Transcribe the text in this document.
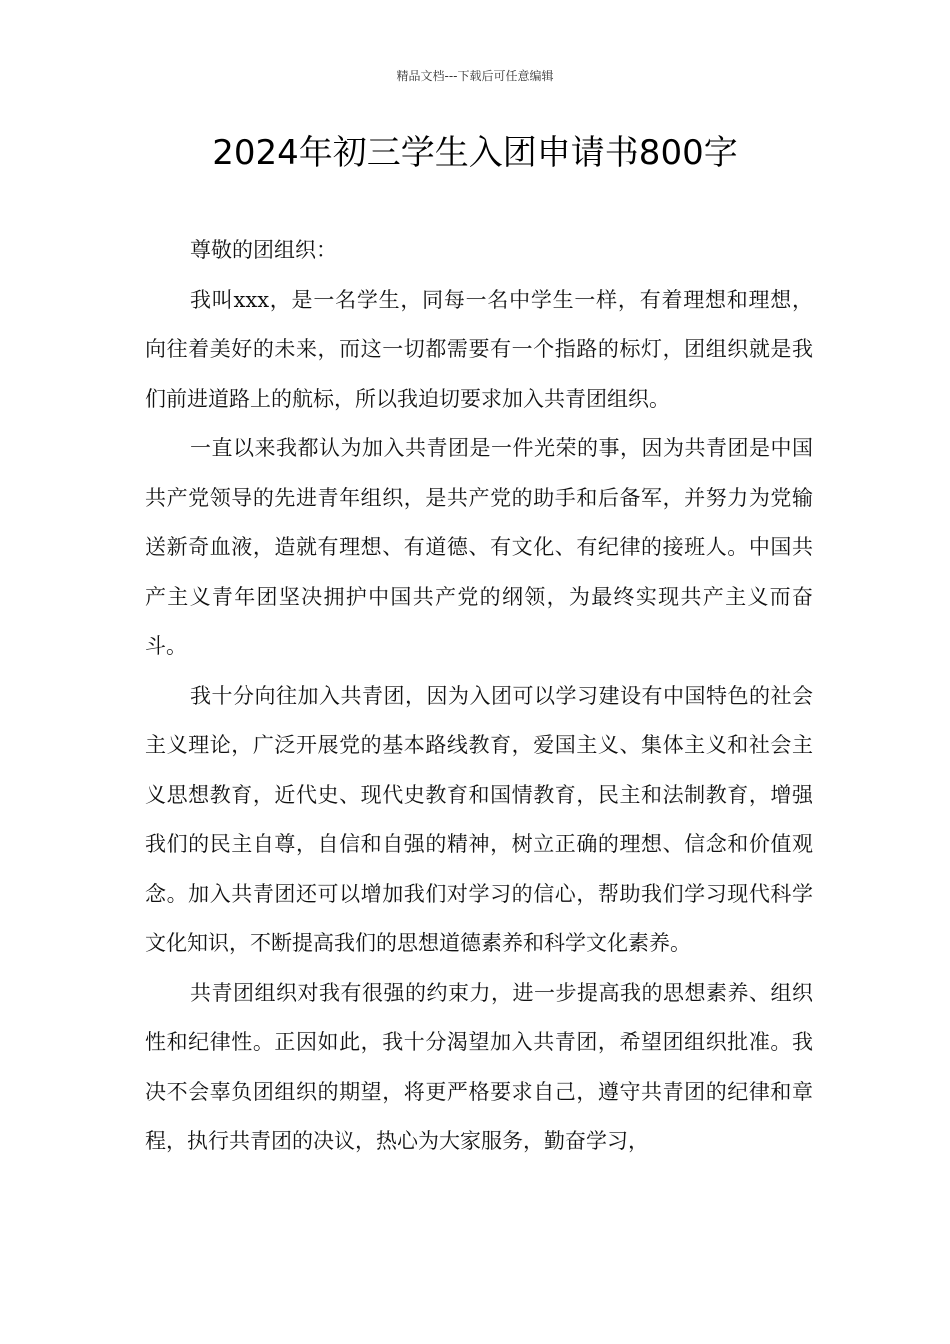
精品文档---下载后可任意编辑
2024年初三学生入团申请书800字

尊敬的团组织：

我叫xxx，是一名学生，同每一名中学生一样，有着理想和理想，向往着美好的未来，而这一切都需要有一个指路的标灯，团组织就是我们前进道路上的航标，所以我迫切要求加入共青团组织。

一直以来我都认为加入共青团是一件光荣的事，因为共青团是中国共产党领导的先进青年组织，是共产党的助手和后备军，并努力为党输送新奇血液，造就有理想、有道德、有文化、有纪律的接班人。中国共产主义青年团坚决拥护中国共产党的纲领，为最终实现共产主义而奋斗。

我十分向往加入共青团，因为入团可以学习建设有中国特色的社会主义理论，广泛开展党的基本路线教育，爱国主义、集体主义和社会主义思想教育，近代史、现代史教育和国情教育，民主和法制教育，增强我们的民主自尊，自信和自强的精神，树立正确的理想、信念和价值观念。加入共青团还可以增加我们对学习的信心，帮助我们学习现代科学文化知识，不断提高我们的思想道德素养和科学文化素养。

共青团组织对我有很强的约束力，进一步提高我的思想素养、组织性和纪律性。正因如此，我十分渴望加入共青团，希望团组织批准。我决不会辜负团组织的期望，将更严格要求自己，遵守共青团的纪律和章程，执行共青团的决议，热心为大家服务，勤奋学习，
